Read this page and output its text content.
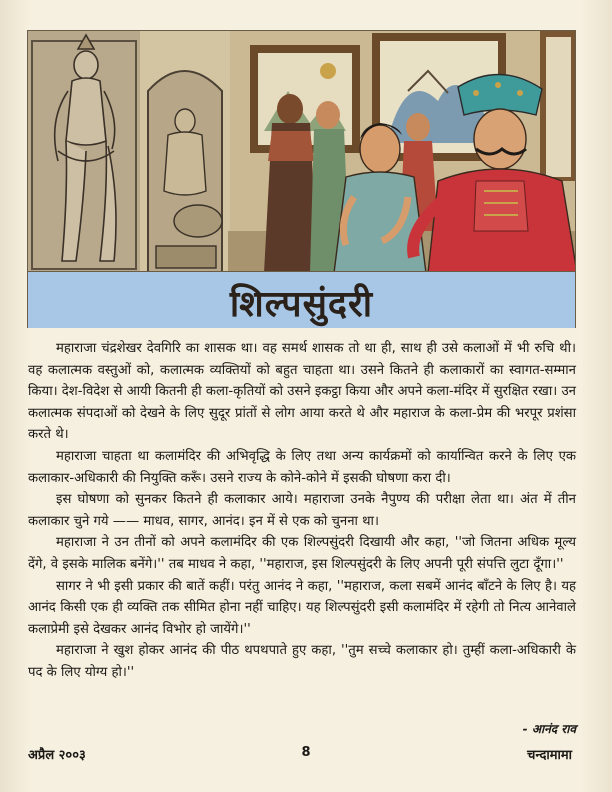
शिल्पसुंदरी

महाराजा चंद्रशेखर देवगिरि का शासक था। वह समर्थ शासक तो था ही, साथ ही उसे कलाओं में भी रुचि थी। वह कलात्मक वस्तुओं को, कलात्मक व्यक्तियों को बहुत चाहता था। उसने कितने ही कलाकारों का स्वागत-सम्मान किया। देश-विदेश से आयी कितनी ही कला-कृतियों को उसने इकट्ठा किया और अपने कला-मंदिर में सुरक्षित रखा। उन कलात्मक संपदाओं को देखने के लिए सुदूर प्रांतों से लोग आया करते थे और महाराज के कला-प्रेम की भरपूर प्रशंसा करते थे।

महाराजा चाहता था कलामंदिर की अभिवृद्धि के लिए तथा अन्य कार्यक्रमों को कार्यान्वित करने के लिए एक कलाकार-अधिकारी की नियुक्ति करूँ। उसने राज्य के कोने-कोने में इसकी घोषणा करा दी।

इस घोषणा को सुनकर कितने ही कलाकार आये। महाराजा उनके नैपुण्य की परीक्षा लेता था। अंत में तीन कलाकार चुने गये —— माधव, सागर, आनंद। इन में से एक को चुनना था।

महाराजा ने उन तीनों को अपने कलामंदिर की एक शिल्पसुंदरी दिखायी और कहा, ''जो जितना अधिक मूल्य देंगे, वे इसके मालिक बनेंगे।'' तब माधव ने कहा, ''महाराज, इस शिल्पसुंदरी के लिए अपनी पूरी संपत्ति लुटा दूँगा।''

सागर ने भी इसी प्रकार की बातें कहीं। परंतु आनंद ने कहा, ''महाराज, कला सबमें आनंद बाँटने के लिए है। यह आनंद किसी एक ही व्यक्ति तक सीमित होना नहीं चाहिए। यह शिल्पसुंदरी इसी कलामंदिर में रहेगी तो नित्य आनेवाले कलाप्रेमी इसे देखकर आनंद विभोर हो जायेंगे।''

महाराजा ने खुश होकर आनंद की पीठ थपथपाते हुए कहा, ''तुम सच्चे कलाकार हो। तुम्हीं कला-अधिकारी के पद के लिए योग्य हो।''

- आनंद राव
अप्रैल २००३	8	चन्दामामा
